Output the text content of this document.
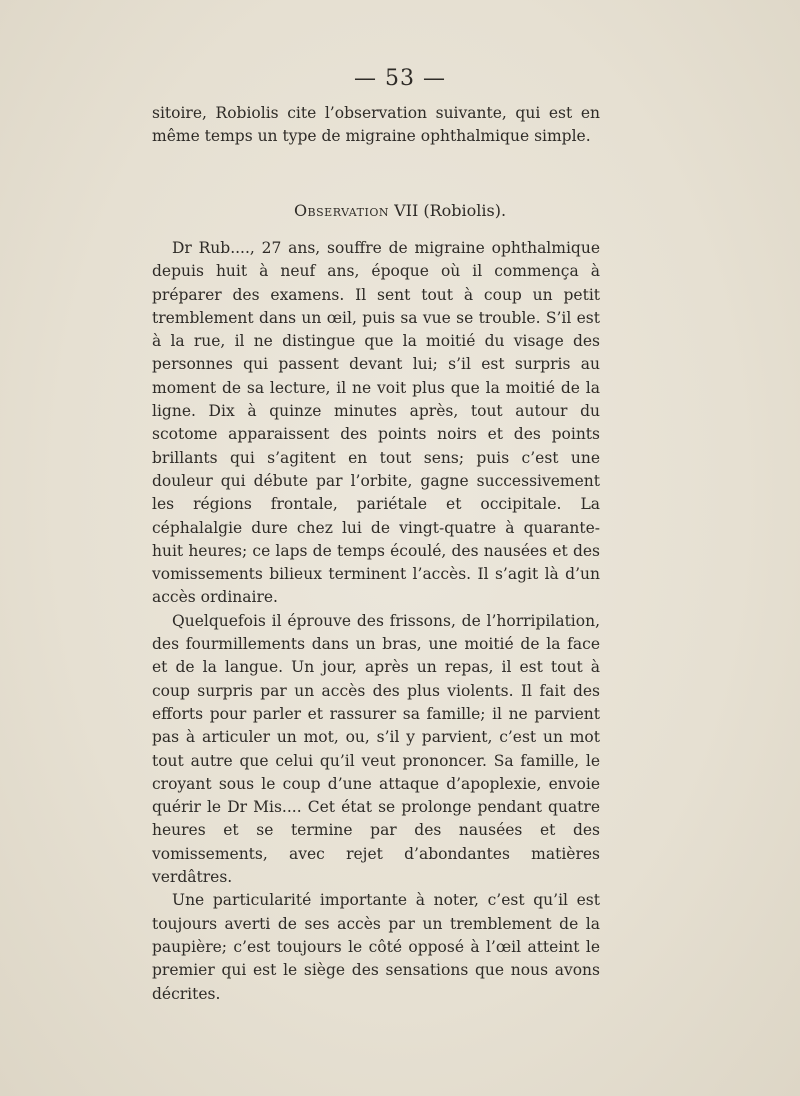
— 53 —

sitoire, Robiolis cite l’observation suivante, qui est en même temps un type de migraine ophthalmique simple.

Observation VII (Robiolis).

Dr Rub...., 27 ans, souffre de migraine ophthalmique depuis huit à neuf ans, époque où il commença à préparer des examens. Il sent tout à coup un petit tremblement dans un œil, puis sa vue se trouble. S’il est à la rue, il ne distingue que la moitié du visage des personnes qui passent devant lui; s’il est surpris au moment de sa lecture, il ne voit plus que la moitié de la ligne. Dix à quinze minutes après, tout autour du scotome apparaissent des points noirs et des points brillants qui s’agitent en tout sens; puis c’est une douleur qui débute par l’orbite, gagne successivement les régions frontale, pariétale et occipitale. La céphalalgie dure chez lui de vingt-quatre à quarante-huit heures; ce laps de temps écoulé, des nausées et des vomissements bilieux terminent l’accès. Il s’agit là d’un accès ordinaire.

Quelquefois il éprouve des frissons, de l’horripilation, des fourmillements dans un bras, une moitié de la face et de la langue. Un jour, après un repas, il est tout à coup surpris par un accès des plus violents. Il fait des efforts pour parler et rassurer sa famille; il ne parvient pas à articuler un mot, ou, s’il y parvient, c’est un mot tout autre que celui qu’il veut prononcer. Sa famille, le croyant sous le coup d’une attaque d’apoplexie, envoie quérir le Dr Mis.... Cet état se prolonge pendant quatre heures et se termine par des nausées et des vomissements, avec rejet d’abondantes matières verdâtres.

Une particularité importante à noter, c’est qu’il est toujours averti de ses accès par un tremblement de la paupière; c’est toujours le côté opposé à l’œil atteint le premier qui est le siège des sensations que nous avons décrites.
